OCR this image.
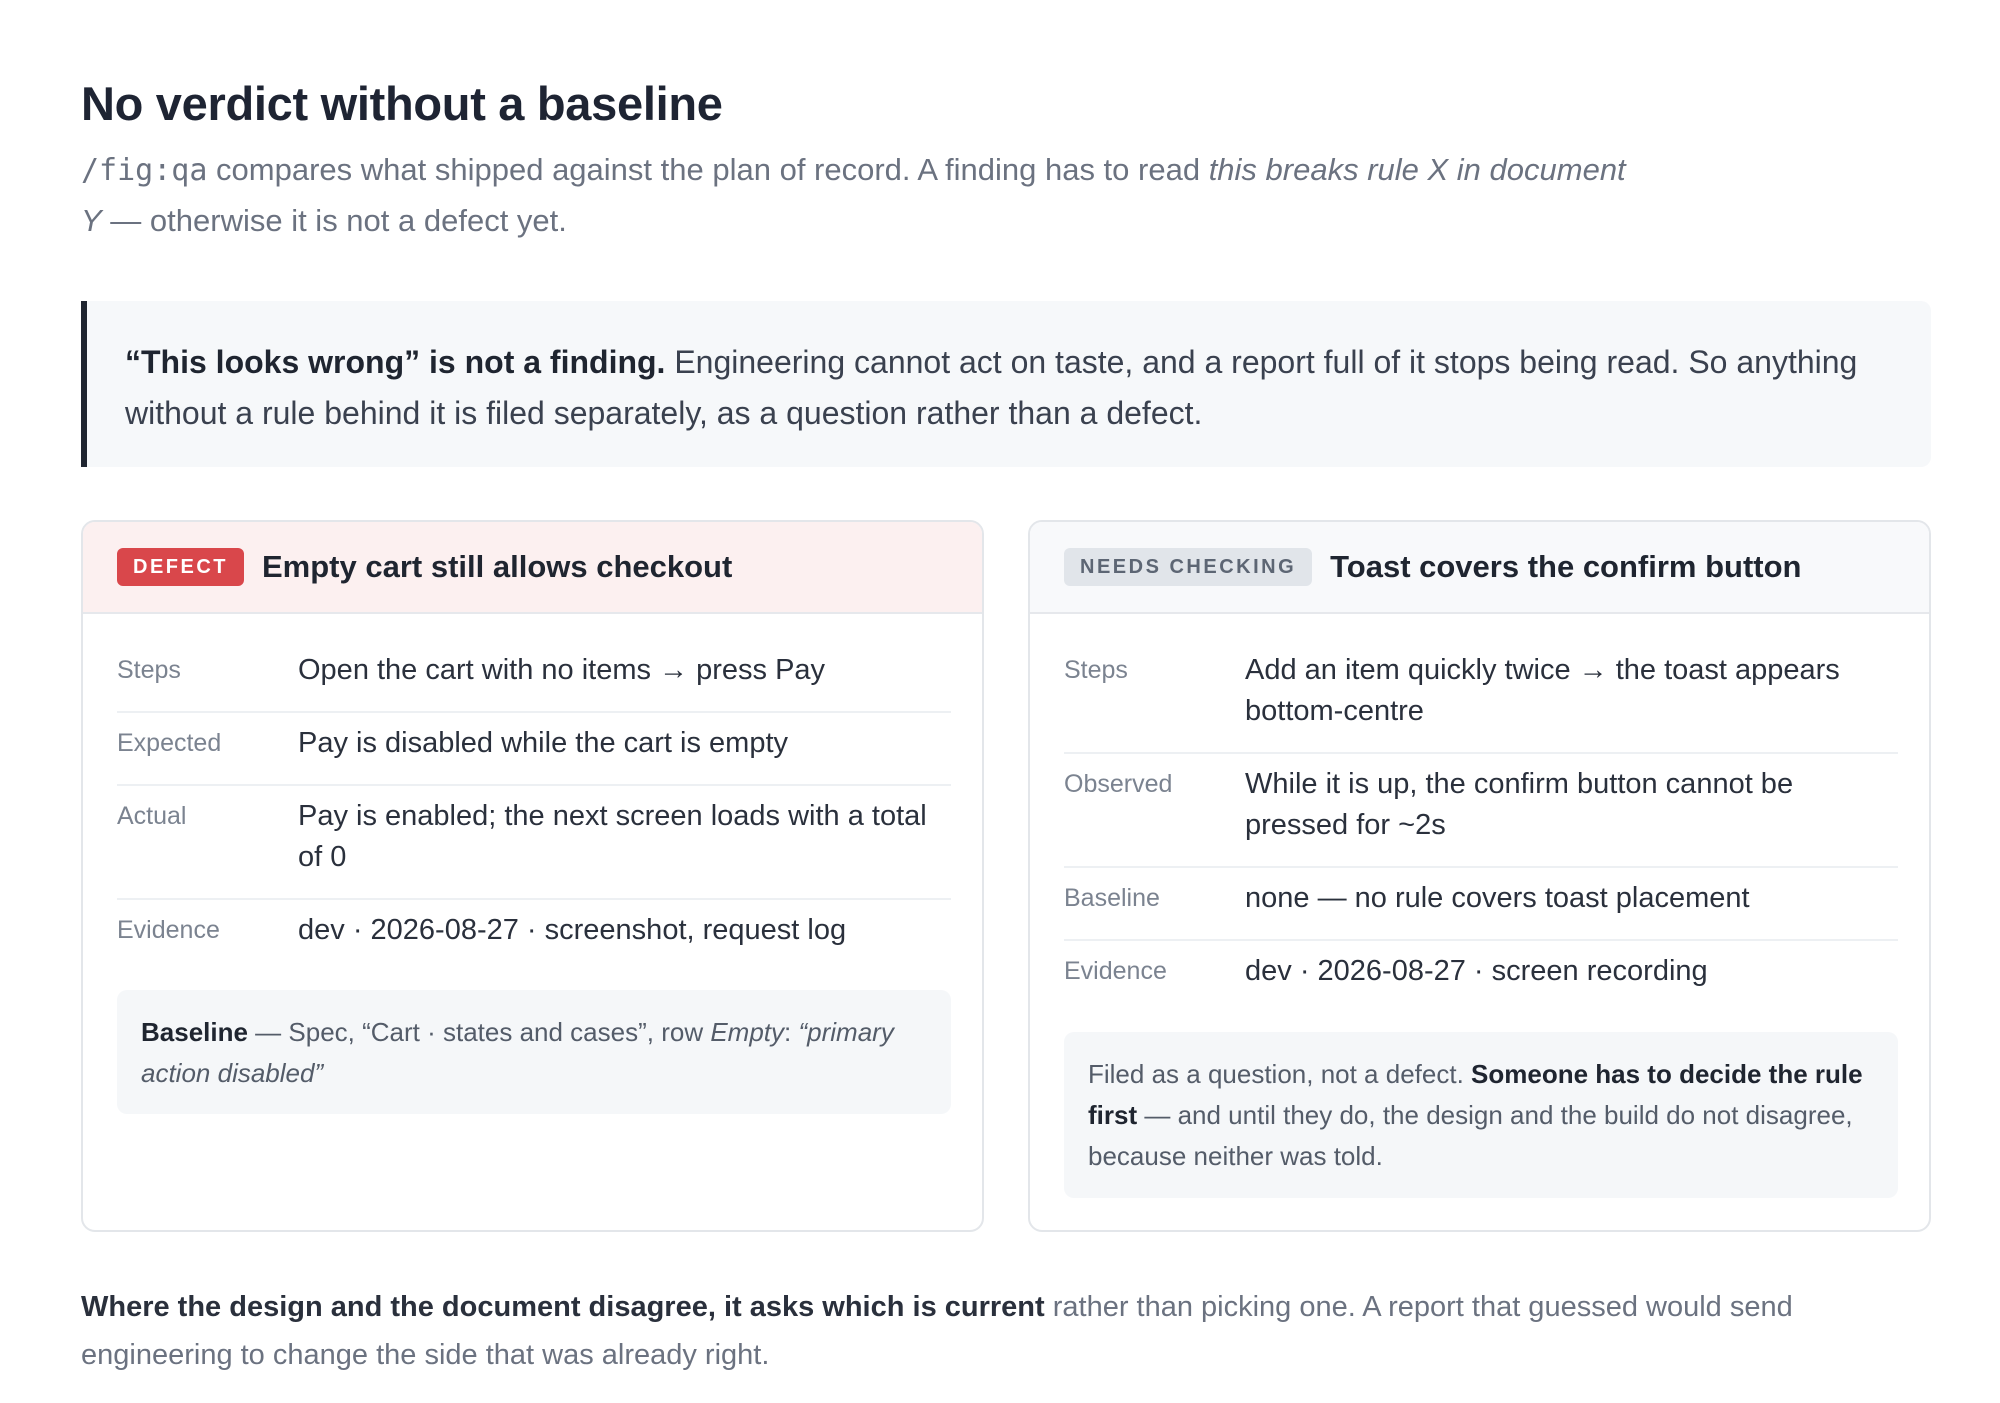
No verdict without a baseline

/fig:qa compares what shipped against the plan of record. A finding has to read this breaks rule X in document Y — otherwise it is not a defect yet.

“This looks wrong” is not a finding. Engineering cannot act on taste, and a report full of it stops being read. So anything without a rule behind it is filed separately, as a question rather than a defect.
DEFECT	Empty cart still allows checkout
Steps	Open the cart with no items → press Pay
Expected	Pay is disabled while the cart is empty
Actual	Pay is enabled; the next screen loads with a total of 0
Evidence	dev · 2026-08-27 · screenshot, request log
Baseline — Spec, “Cart · states and cases”, row Empty: “primary action disabled”
NEEDS CHECKING	Toast covers the confirm button
Steps	Add an item quickly twice → the toast appears bottom-centre
Observed	While it is up, the confirm button cannot be pressed for ~2s
Baseline	none — no rule covers toast placement
Evidence	dev · 2026-08-27 · screen recording
Filed as a question, not a defect. Someone has to decide the rule first — and until they do, the design and the build do not disagree, because neither was told.

Where the design and the document disagree, it asks which is current rather than picking one. A report that guessed would send engineering to change the side that was already right.
